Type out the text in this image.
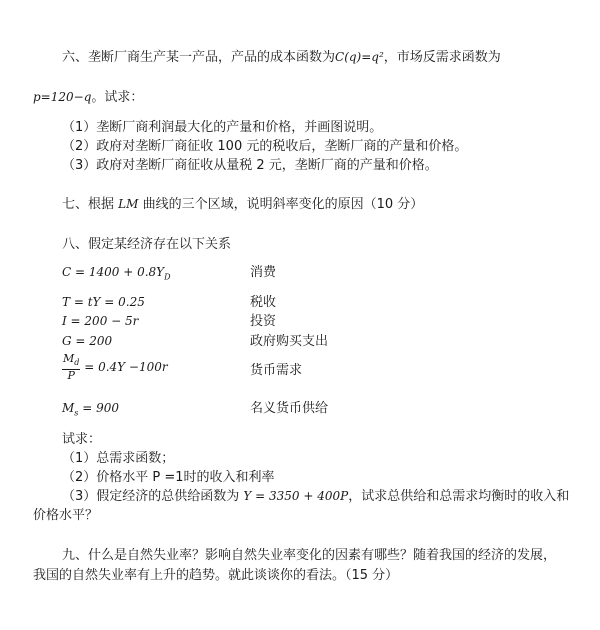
六、垄断厂商生产某一产品，产品的成本函数为C(q)=q²，市场反需求函数为
p=120−q。试求：
（1）垄断厂商利润最大化的产量和价格，并画图说明。
（2）政府对垄断厂商征收 100 元的税收后，垄断厂商的产量和价格。
（3）政府对垄断厂商征收从量税 2 元，垄断厂商的产量和价格。
七、根据 LM 曲线的三个区域，说明斜率变化的原因（10 分）
八、假定某经济存在以下关系
$C = 1400 + 0.8Y_D$	消费
T = tY = 0.25	税收
I = 200 − 5r	投资
G = 200	政府购买支出
$\frac{M_d}{P} = 0.4Y -100r$	货币需求
$M_s = 900$	名义货币供给
试求：
（1）总需求函数；
（2）价格水平 P =1时的收入和利率
（3）假定经济的总供给函数为 Y = 3350 + 400P，试求总供给和总需求均衡时的收入和
价格水平？
九、什么是自然失业率？影响自然失业率变化的因素有哪些？随着我国的经济的发展，
我国的自然失业率有上升的趋势。就此谈谈你的看法。（15 分）
